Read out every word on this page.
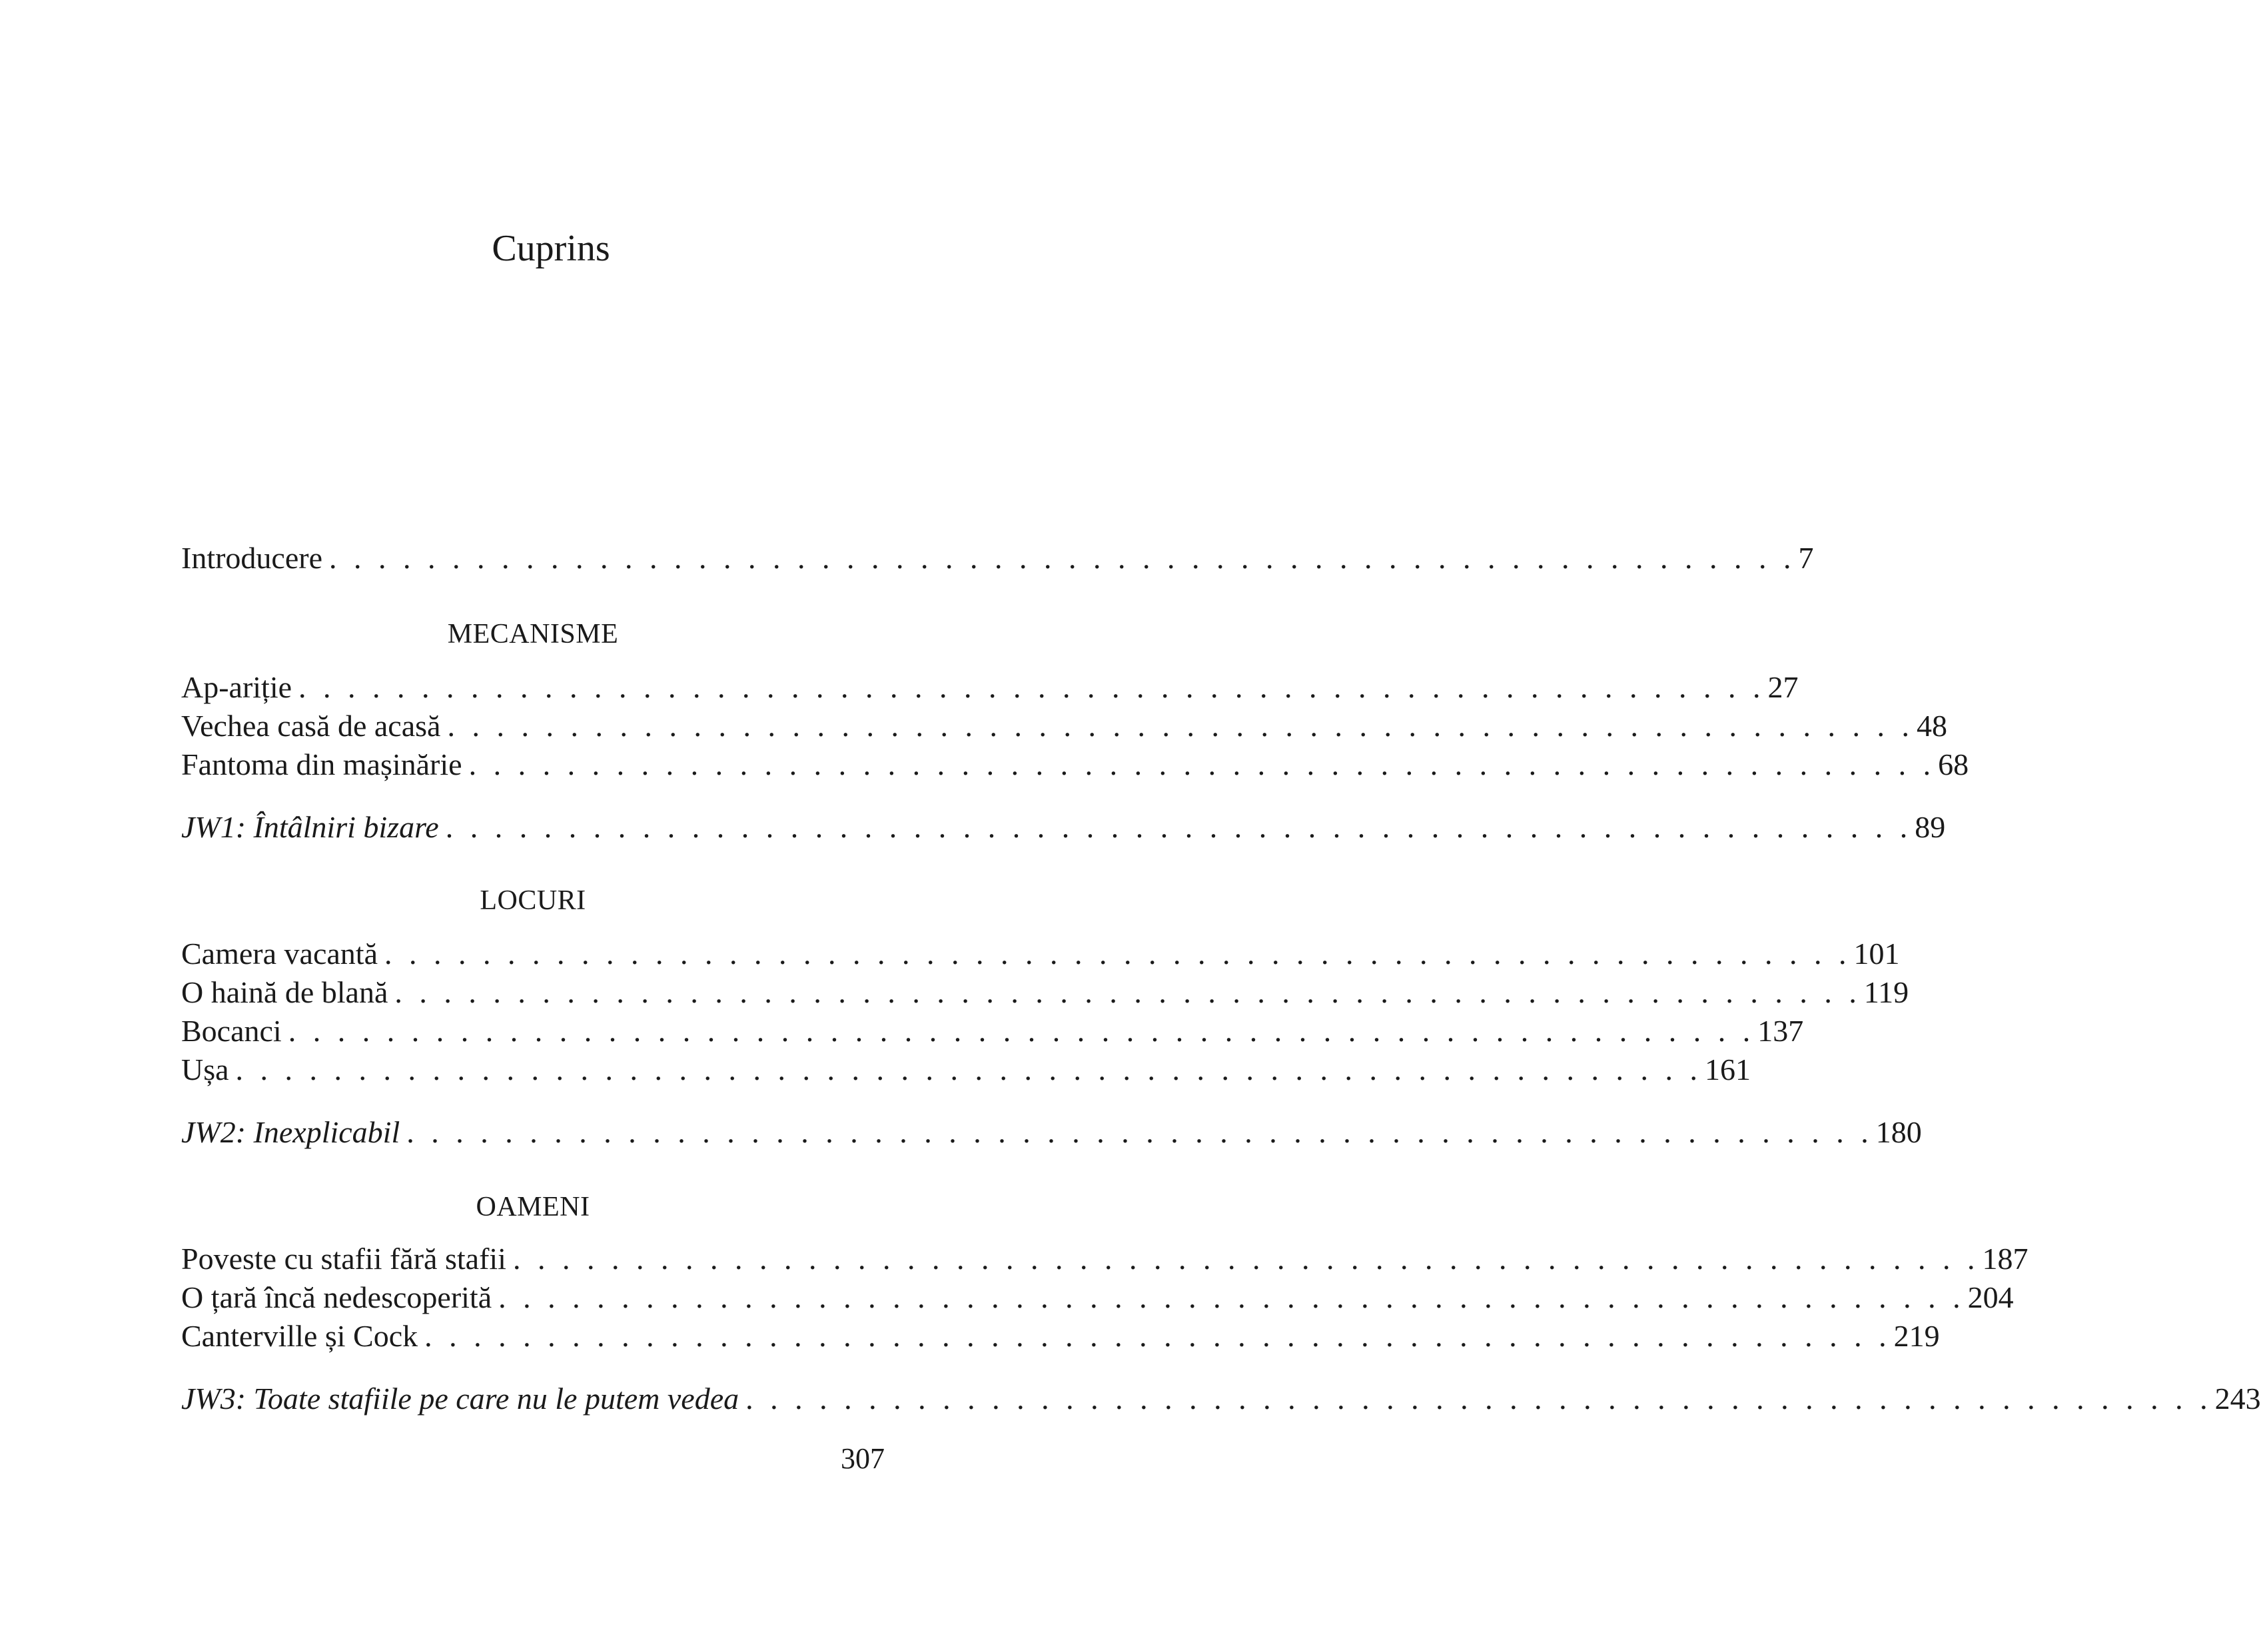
Cuprins
Introducere . . . . . . . . . . . . . . . . . . . . . . . . . . . . . . . . . . . . . . . . . . . . . . . . . . . . . . . . . . . . 7
MECANISME
Ap-ariție . . . . . . . . . . . . . . . . . . . . . . . . . . . . . . . . . . . . . . . . . . . . . . . . . . . . . . . . . . . . 27
Vechea casă de acasă . . . . . . . . . . . . . . . . . . . . . . . . . . . . . . . . . . . . . . . . . . . . . . . . . . . . . . . . . . . . 48
Fantoma din mașinărie . . . . . . . . . . . . . . . . . . . . . . . . . . . . . . . . . . . . . . . . . . . . . . . . . . . . . . . . . . . . 68
JW1: Întâlniri bizare . . . . . . . . . . . . . . . . . . . . . . . . . . . . . . . . . . . . . . . . . . . . . . . . . . . . . . . . . . . . 89
LOCURI
Camera vacantă . . . . . . . . . . . . . . . . . . . . . . . . . . . . . . . . . . . . . . . . . . . . . . . . . . . . . . . . . . . . 101
O haină de blană . . . . . . . . . . . . . . . . . . . . . . . . . . . . . . . . . . . . . . . . . . . . . . . . . . . . . . . . . . . . 119
Bocanci . . . . . . . . . . . . . . . . . . . . . . . . . . . . . . . . . . . . . . . . . . . . . . . . . . . . . . . . . . . . 137
Ușa . . . . . . . . . . . . . . . . . . . . . . . . . . . . . . . . . . . . . . . . . . . . . . . . . . . . . . . . . . . . 161
JW2: Inexplicabil . . . . . . . . . . . . . . . . . . . . . . . . . . . . . . . . . . . . . . . . . . . . . . . . . . . . . . . . . . . . 180
OAMENI
Poveste cu stafii fără stafii . . . . . . . . . . . . . . . . . . . . . . . . . . . . . . . . . . . . . . . . . . . . . . . . . . . . . . . . . . . . 187
O țară încă nedescoperită . . . . . . . . . . . . . . . . . . . . . . . . . . . . . . . . . . . . . . . . . . . . . . . . . . . . . . . . . . . . 204
Canterville și Cock . . . . . . . . . . . . . . . . . . . . . . . . . . . . . . . . . . . . . . . . . . . . . . . . . . . . . . . . . . . . 219
JW3: Toate stafiile pe care nu le putem vedea . . . . . . . . . . . . . . . . . . . . . . . . . . . . . . . . . . . . . . . . . . . . . . . . . . . . . . . . . . . . 243
307
